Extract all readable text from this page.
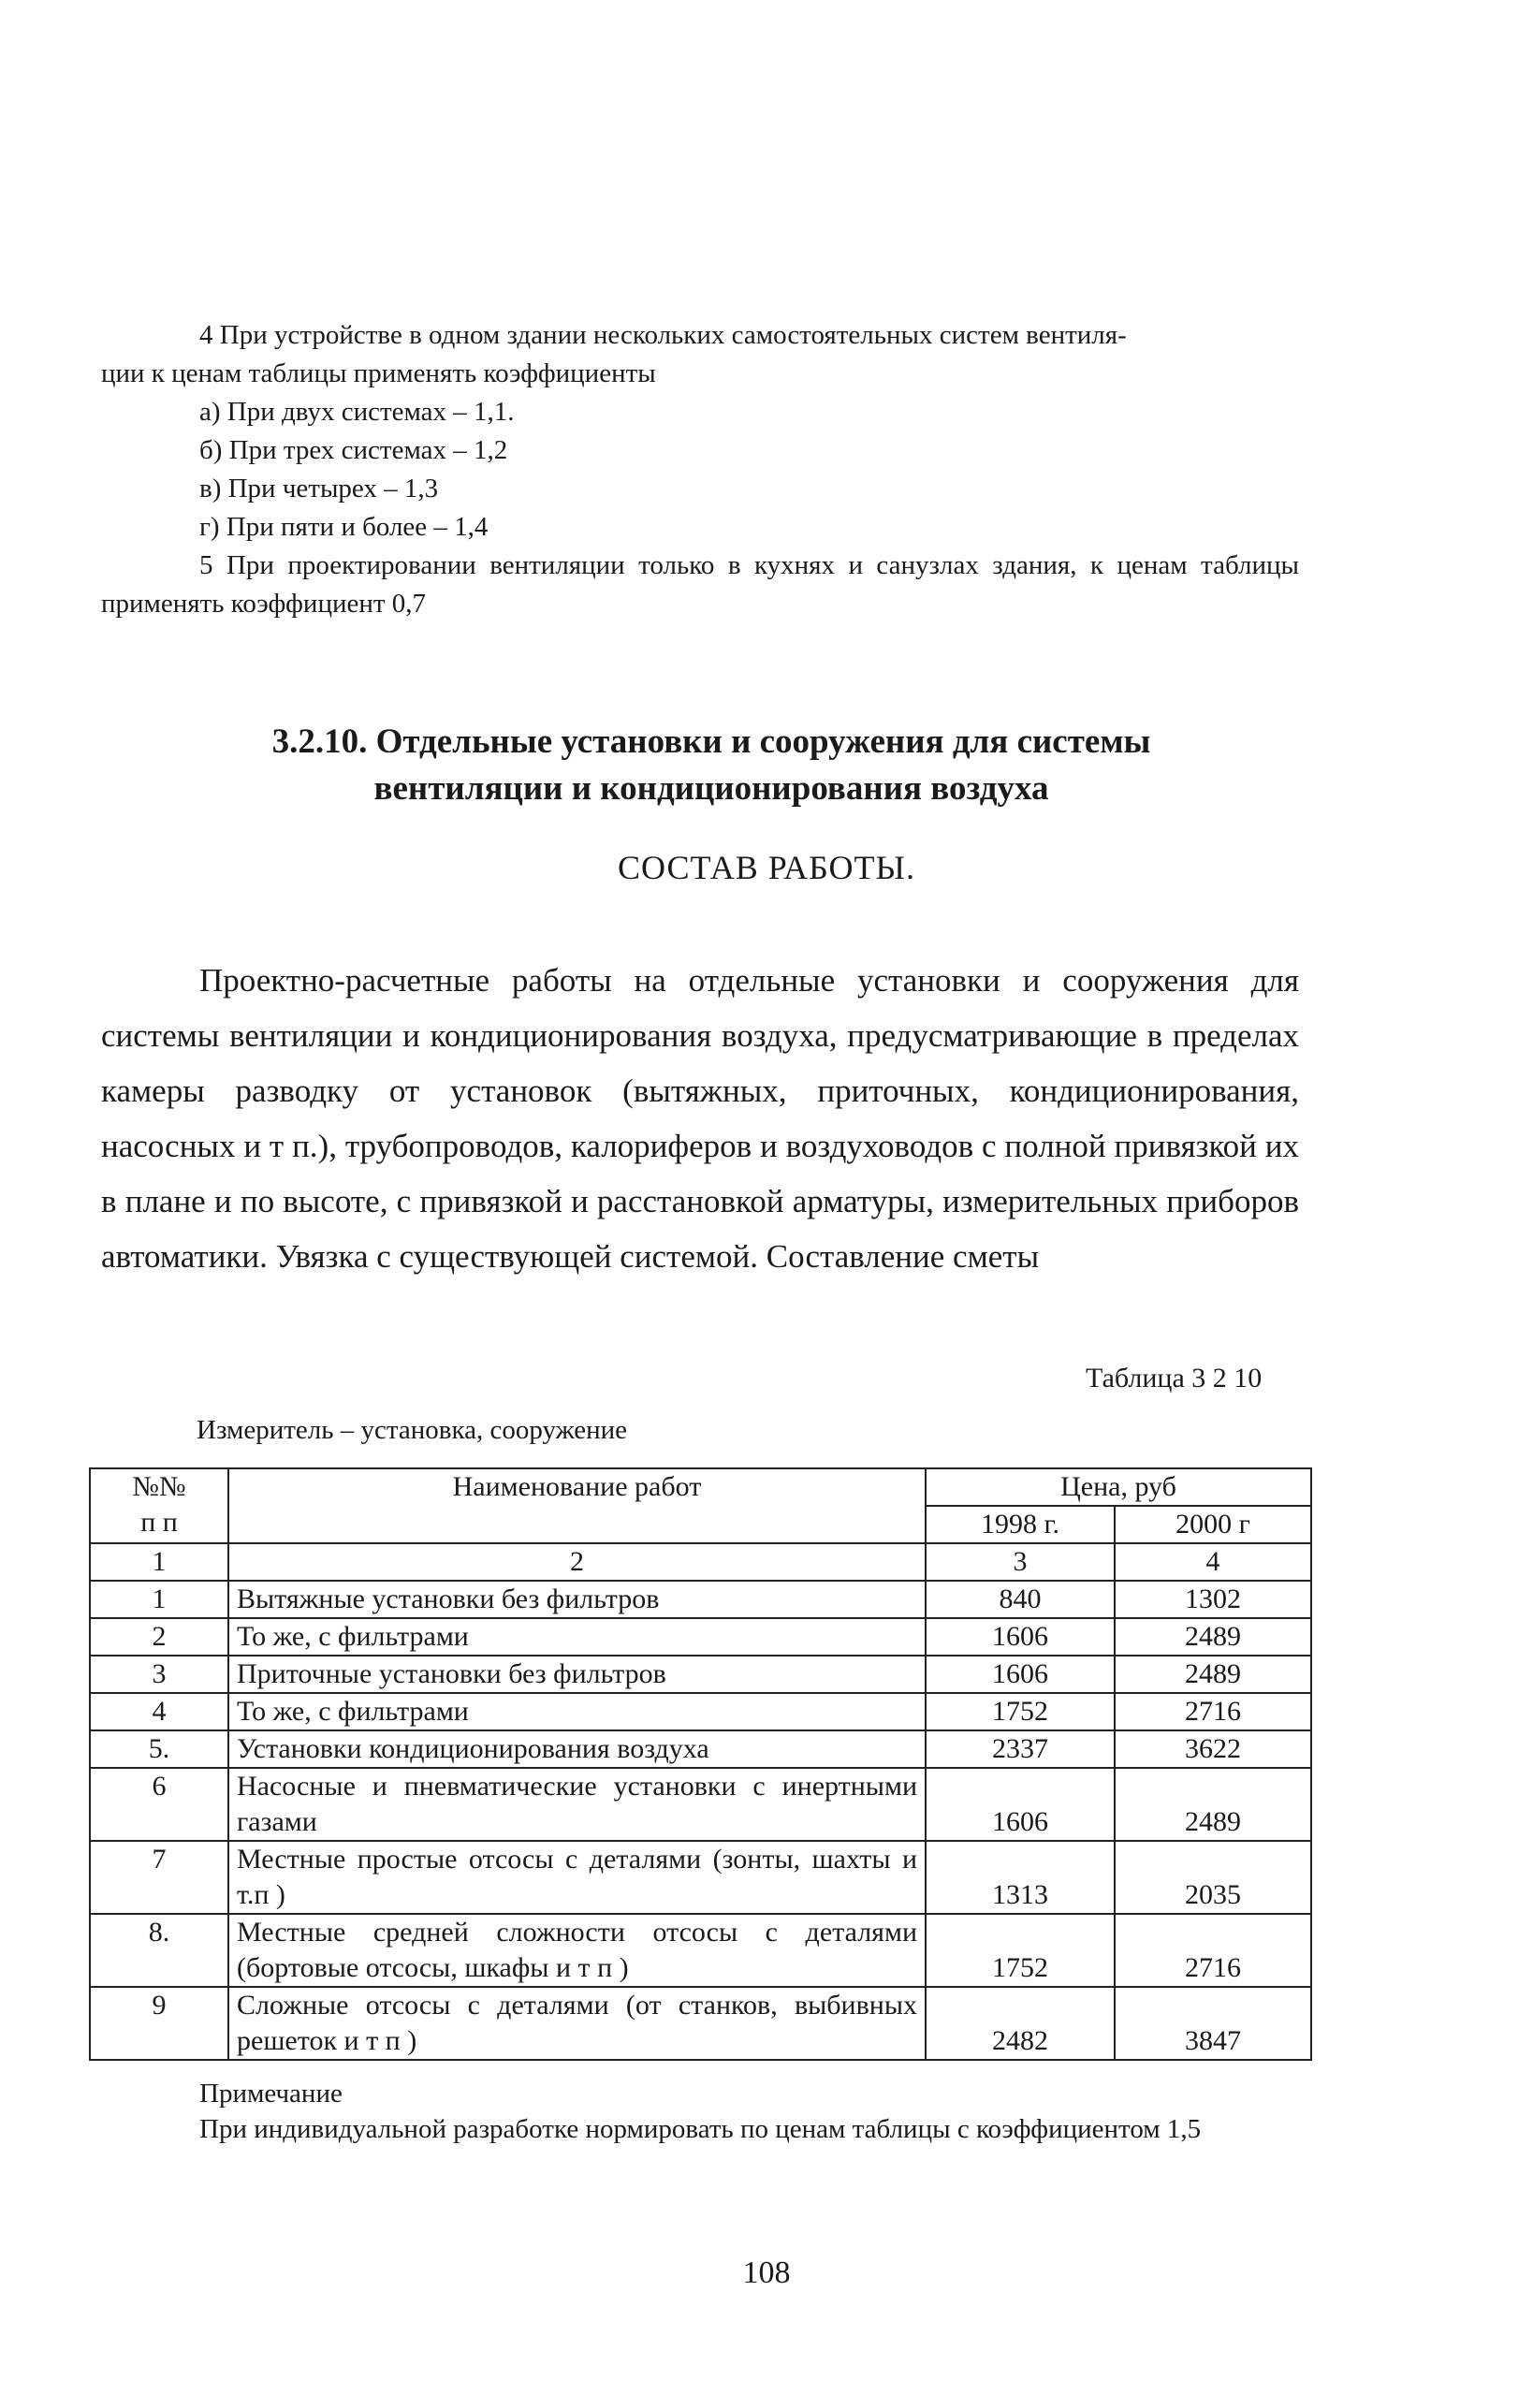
4 При устройстве в одном здании нескольких самостоятельных систем вентиля-

ции к ценам таблицы применять коэффициенты

а) При двух системах – 1,1.

б) При трех системах – 1,2

в) При четырех – 1,3

г) При пяти и более – 1,4

5 При проектировании вентиляции только в кухнях и санузлах здания, к ценам таблицы применять коэффициент 0,7

3.2.10. Отдельные установки и сооружения для системы
вентиляции и кондиционирования воздуха
СОСТАВ РАБОТЫ.

Проектно-расчетные работы на отдельные установки и сооружения для системы вентиляции и кондиционирования воздуха, предусматривающие в пределах камеры разводку от установок (вытяжных, приточных, кондиционирования, насосных и т п.), трубопроводов, калориферов и воздуховодов с полной привязкой их в плане и по высоте, с привязкой и расстановкой арматуры, измерительных приборов автоматики. Увязка с существующей системой. Составление сметы

Таблица 3 2 10
Измеритель – установка, сооружение
№№
п п	Наименование работ	Цена, руб	
		1998 г.	2000 г
1	2	3	4
1	Вытяжные установки без фильтров	840	1302
2	То же, с фильтрами	1606	2489
3	Приточные установки без фильтров	1606	2489
4	То же, с фильтрами	1752	2716
5.	Установки кондиционирования воздуха	2337	3622
6	Насосные и пневматические установки с инертными газами	1606	2489
7	Местные простые отсосы с деталями (зонты, шахты и т.п )	1313	2035
8.	Местные средней сложности отсосы с деталями (бортовые отсосы, шкафы и т п )	1752	2716
9	Сложные отсосы с деталями (от станков, выбивных решеток и т п )	2482	3847

Примечание

При индивидуальной разработке нормировать по ценам таблицы с коэффициентом 1,5

108
